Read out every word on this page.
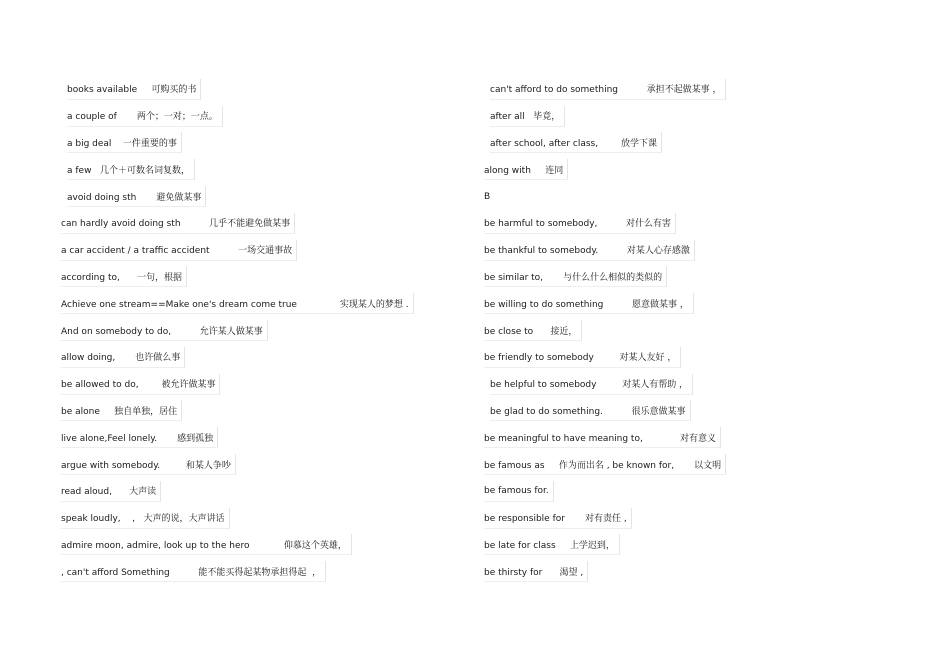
books available     可购买的书
a couple of       两个；一对；一点。
a big deal    一件重要的事
a few   几个＋可数名词复数，
avoid doing sth       避免做某事
can hardly avoid doing sth          几乎不能避免做某事
a car accident / a traffic accident          一场交通事故
according to,      一句，根据
Achieve one stream==Make one's dream come true               实现某人的梦想 .
And on somebody to do,          允许某人做某事
allow doing,       也许做么事
be allowed to do,        被允许做某事
be alone     独自单独，居住
live alone,Feel lonely.       感到孤独
argue with somebody.         和某人争吵
read aloud,      大声读
speak loudly,    ,   大声的说，大声讲话
admire moon, admire, look up to the hero            仰慕这个英雄，
, can't afford Something          能不能买得起某物承担得起  ，
can't afford to do something          承担不起做某事 ，
after all   毕竟，
after school, after class,        放学下课
along with     连同
B
be harmful to somebody,          对什么有害
be thankful to somebody.          对某人心存感激
be similar to,       与什么什么相似的类似的
be willing to do something          愿意做某事 ，
be close to      接近，
be friendly to somebody         对某人友好 ，
be helpful to somebody         对某人有帮助 ，
be glad to do something.          很乐意做某事
be meaningful to have meaning to,             对有意义
be famous as     作为而出名 , be known for,       以文明
be famous for.
be responsible for       对有责任 ,
be late for class     上学迟到，
be thirsty for      渴望 ,
